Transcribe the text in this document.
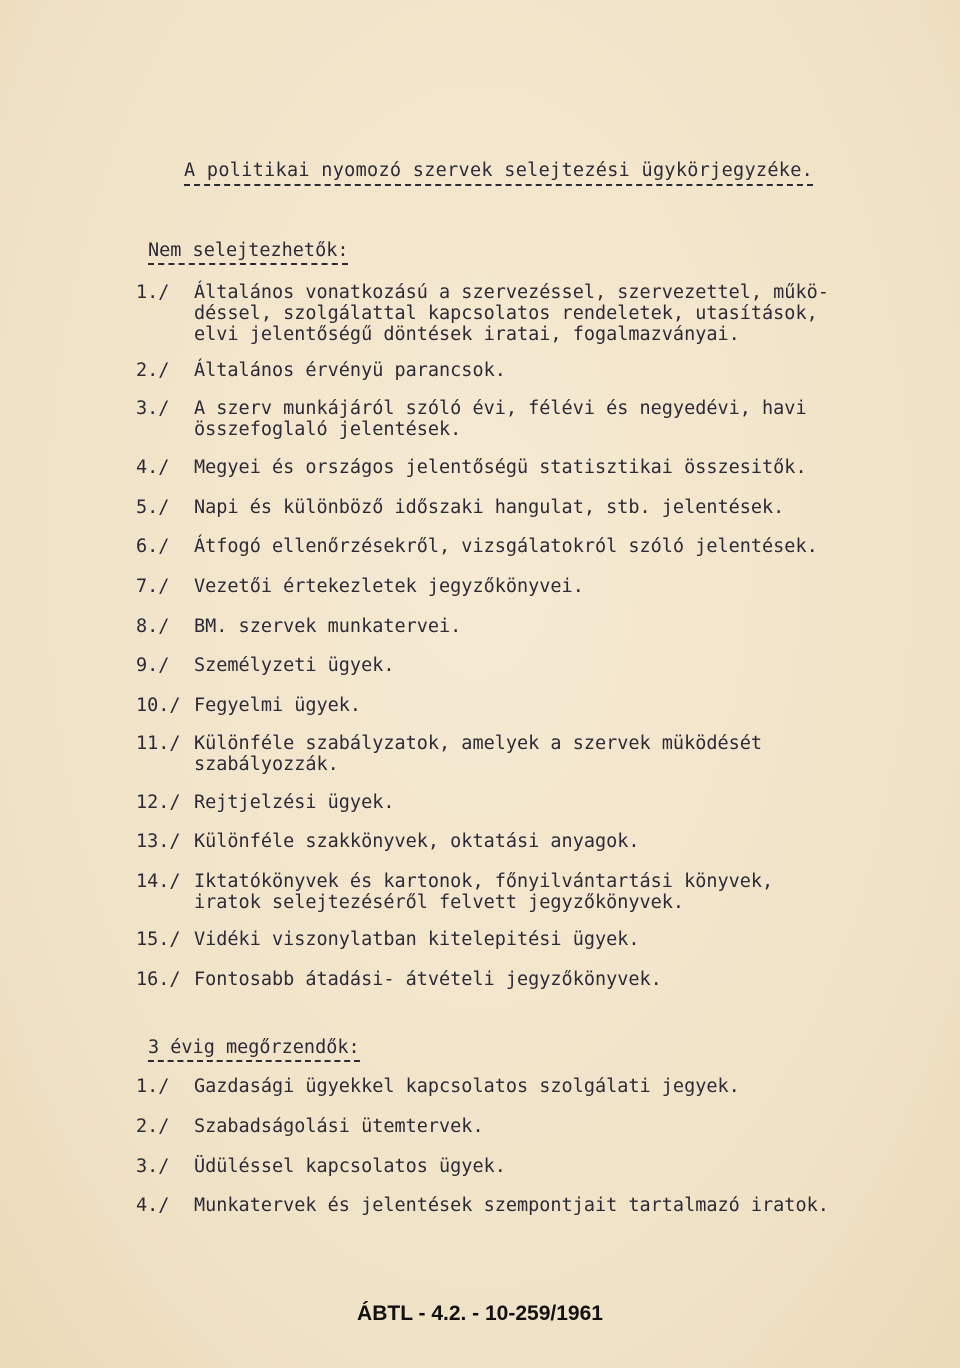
A politikai nyomozó szervek selejtezési ügykörjegyzéke.
Nem selejtezhetők:
1./	Általános vonatkozású a szervezéssel, szervezettel, műkö-
déssel, szolgálattal kapcsolatos rendeletek, utasítások,
elvi jelentőségű döntések iratai, fogalmazványai.
2./	Általános érvényü parancsok.
3./	A szerv munkájáról szóló évi, félévi és negyedévi, havi
összefoglaló jelentések.
4./	Megyei és országos jelentőségü statisztikai összesitők.
5./	Napi és különböző időszaki hangulat, stb. jelentések.
6./	Átfogó ellenőrzésekről, vizsgálatokról szóló jelentések.
7./	Vezetői értekezletek jegyzőkönyvei.
8./	BM. szervek munkatervei.
9./	Személyzeti ügyek.
10./ Fegyelmi ügyek.
11./ Különféle szabályzatok, amelyek a szervek müködését
szabályozzák.
12./ Rejtjelzési ügyek.
13./ Különféle szakkönyvek, oktatási anyagok.
14./ Iktatókönyvek és kartonok, főnyilvántartási könyvek,
iratok selejtezéséről felvett jegyzőkönyvek.
15./ Vidéki viszonylatban kitelepitési ügyek.
16./ Fontosabb átadási- átvételi jegyzőkönyvek.
3 évig megőrzendők:
1./	Gazdasági ügyekkel kapcsolatos szolgálati jegyek.
2./	Szabadságolási ütemtervek.
3./	Üdüléssel kapcsolatos ügyek.
4./	Munkatervek és jelentések szempontjait tartalmazó iratok.
ÁBTL - 4.2. - 10-259/1961
